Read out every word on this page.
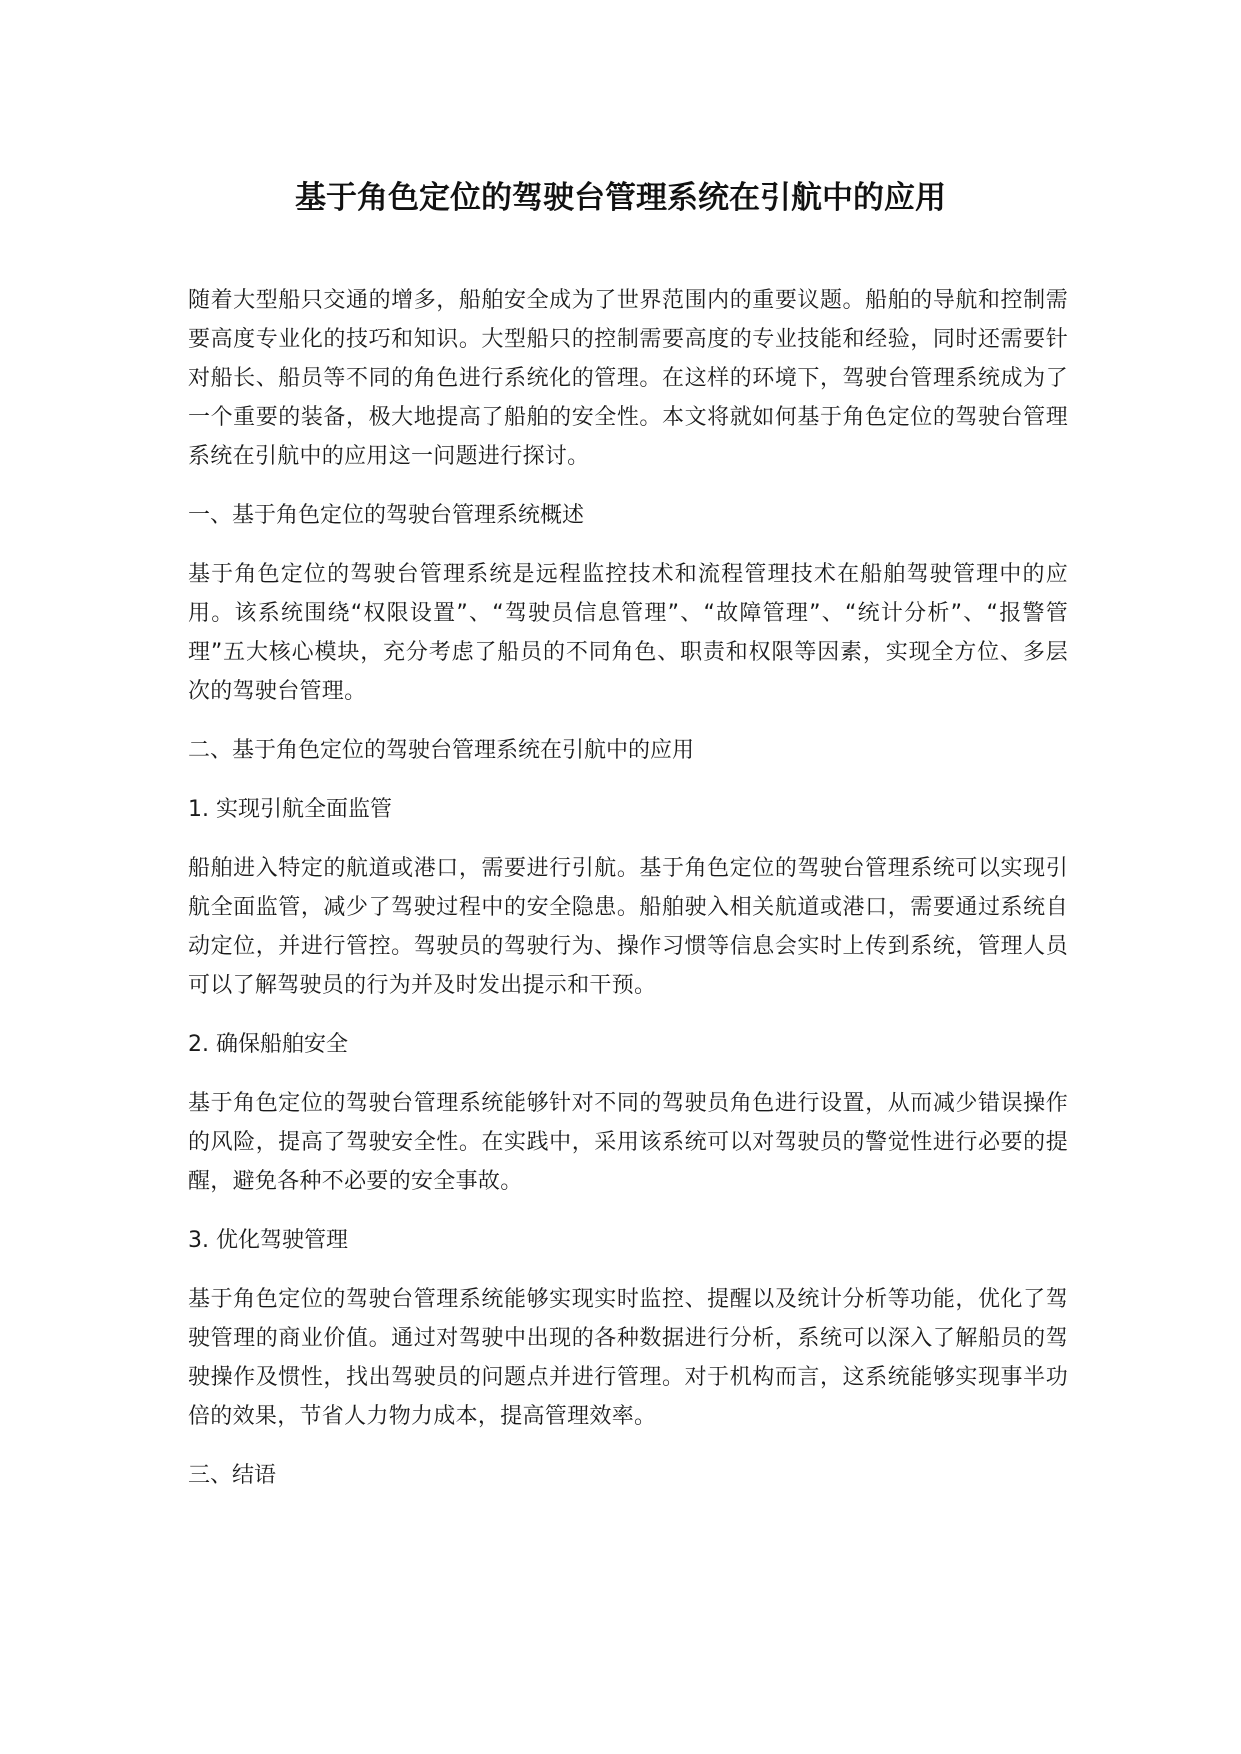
基于角色定位的驾驶台管理系统在引航中的应用

随着大型船只交通的增多，船舶安全成为了世界范围内的重要议题。船舶的导航和控制需要高度专业化的技巧和知识。大型船只的控制需要高度的专业技能和经验，同时还需要针对船长、船员等不同的角色进行系统化的管理。在这样的环境下，驾驶台管理系统成为了一个重要的装备，极大地提高了船舶的安全性。本文将就如何基于角色定位的驾驶台管理系统在引航中的应用这一问题进行探讨。

一、基于角色定位的驾驶台管理系统概述

基于角色定位的驾驶台管理系统是远程监控技术和流程管理技术在船舶驾驶管理中的应用。该系统围绕“权限设置”、“驾驶员信息管理”、“故障管理”、“统计分析”、“报警管理”五大核心模块，充分考虑了船员的不同角色、职责和权限等因素，实现全方位、多层次的驾驶台管理。

二、基于角色定位的驾驶台管理系统在引航中的应用

1. 实现引航全面监管

船舶进入特定的航道或港口，需要进行引航。基于角色定位的驾驶台管理系统可以实现引航全面监管，减少了驾驶过程中的安全隐患。船舶驶入相关航道或港口，需要通过系统自动定位，并进行管控。驾驶员的驾驶行为、操作习惯等信息会实时上传到系统，管理人员可以了解驾驶员的行为并及时发出提示和干预。

2. 确保船舶安全

基于角色定位的驾驶台管理系统能够针对不同的驾驶员角色进行设置，从而减少错误操作的风险，提高了驾驶安全性。在实践中，采用该系统可以对驾驶员的警觉性进行必要的提醒，避免各种不必要的安全事故。

3. 优化驾驶管理

基于角色定位的驾驶台管理系统能够实现实时监控、提醒以及统计分析等功能，优化了驾驶管理的商业价值。通过对驾驶中出现的各种数据进行分析，系统可以深入了解船员的驾驶操作及惯性，找出驾驶员的问题点并进行管理。对于机构而言，这系统能够实现事半功倍的效果，节省人力物力成本，提高管理效率。

三、结语
